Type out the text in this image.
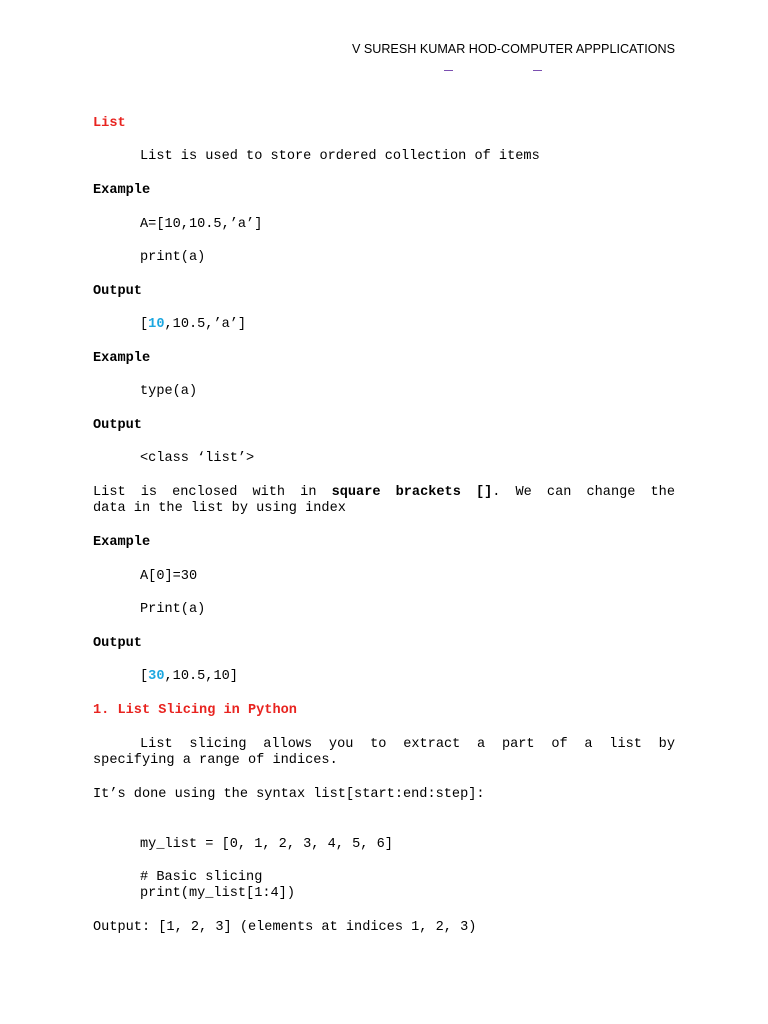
V SURESH KUMAR HOD-COMPUTER APPPLICATIONS
List
List is used to store ordered collection of items
Example
A=[10,10.5,’a’]
print(a)
Output
[10,10.5,’a’]
Example
type(a)
Output
<class ‘list’>
List is enclosed with in square brackets []. We can change the
data in the list by using index
Example
A[0]=30
Print(a)
Output
[30,10.5,10]
1. List Slicing in Python
List slicing allows you to extract a part of a list by
specifying a range of indices.
It’s done using the syntax list[start:end:step]:
my_list = [0, 1, 2, 3, 4, 5, 6]
# Basic slicing
print(my_list[1:4])
Output: [1, 2, 3] (elements at indices 1, 2, 3)
